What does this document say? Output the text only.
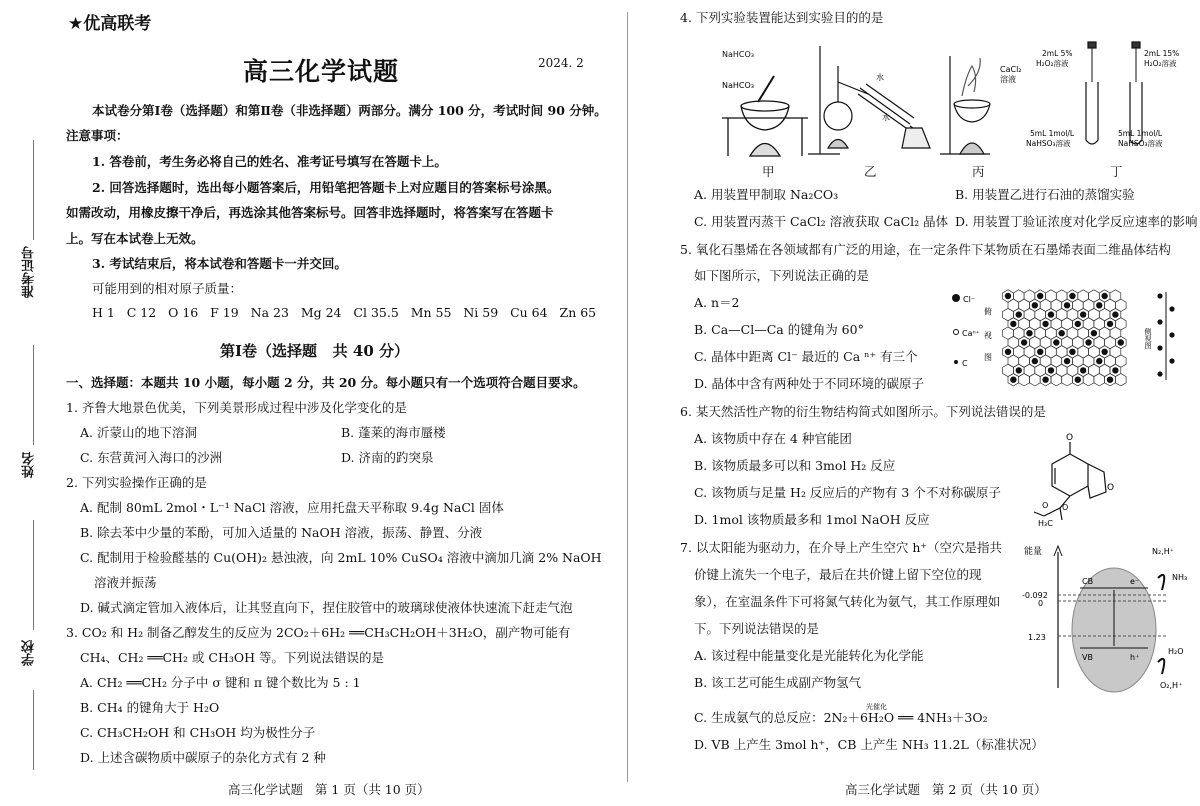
★优高联考
高三化学试题	2024. 2
准考证号
姓名
学校
本试卷分第Ⅰ卷（选择题）和第Ⅱ卷（非选择题）两部分。满分 100 分，考试时间 90 分钟。
注意事项：
1. 答卷前，考生务必将自己的姓名、准考证号填写在答题卡上。
2. 回答选择题时，选出每小题答案后，用铅笔把答题卡上对应题目的答案标号涂黑。
如需改动，用橡皮擦干净后，再选涂其他答案标号。回答非选择题时，将答案写在答题卡
上。写在本试卷上无效。
3. 考试结束后，将本试卷和答题卡一并交回。
可能用到的相对原子质量：
H 1   C 12   O 16   F 19   Na 23   Mg 24   Cl 35.5   Mn 55   Ni 59   Cu 64   Zn 65
第Ⅰ卷（选择题   共 40 分）
一、选择题：本题共 10 小题，每小题 2 分，共 20 分。每小题只有一个选项符合题目要求。
1. 齐鲁大地景色优美，下列美景形成过程中涉及化学变化的是
A. 沂蒙山的地下溶洞	B. 蓬莱的海市蜃楼
C. 东营黄河入海口的沙洲	D. 济南的趵突泉
2. 下列实验操作正确的是
A. 配制 80mL 2mol・L⁻¹ NaCl 溶液，应用托盘天平称取 9.4g NaCl 固体
B. 除去苯中少量的苯酚，可加入适量的 NaOH 溶液，振荡、静置、分液
C. 配制用于检验醛基的 Cu(OH)₂ 悬浊液，向 2mL 10% CuSO₄ 溶液中滴加几滴 2% NaOH
溶液并振荡
D. 碱式滴定管加入液体后，让其竖直向下，捏住胶管中的玻璃球使液体快速流下赶走气泡
3. CO₂ 和 H₂ 制备乙醇发生的反应为 2CO₂＋6H₂ ══CH₃CH₂OH＋3H₂O，副产物可能有
CH₄、CH₂ ══CH₂ 或 CH₃OH 等。下列说法错误的是
A. CH₂ ══CH₂ 分子中 σ 键和 π 键个数比为 5 : 1
B. CH₄ 的键角大于 H₂O
C. CH₃CH₂OH 和 CH₃OH 均为极性分子
D. 上述含碳物质中碳原子的杂化方式有 2 种
高三化学试题   第 1 页（共 10 页）
4. 下列实验装置能达到实验目的的是
NaHCO₃
水
水
CaCl₂
溶液
2mL 5%
H₂O₂溶液
2mL 15%
H₂O₂溶液
5mL 1mol/L
NaHSO₃溶液
5mL 1mol/L
NaHSO₃溶液
NaHCO₃
甲	乙	丙	丁
A. 用装置甲制取 Na₂CO₃	B. 用装置乙进行石油的蒸馏实验
C. 用装置丙蒸干 CaCl₂ 溶液获取 CaCl₂ 晶体 D. 用装置丁验证浓度对化学反应速率的影响
5. 氧化石墨烯在各领域都有广泛的用途，在一定条件下某物质在石墨烯表面二维晶体结构
如下图所示，下列说法正确的是
A. n＝2
B. Ca—Cl—Ca 的键角为 60°
C. 晶体中距离 Cl⁻ 最近的 Ca ⁿ⁺ 有三个
D. 晶体中含有两种处于不同环境的碳原子
Cl⁻
Caⁿ⁺
C
俯
视
图
侧视图
6. 某天然活性产物的衍生物结构简式如图所示。下列说法错误的是
A. 该物质中存在 4 种官能团
B. 该物质最多可以和 3mol H₂ 反应
C. 该物质与足量 H₂ 反应后的产物有 3 个不对称碳原子
D. 1mol 该物质最多和 1mol NaOH 反应
O
O
O
H₃C
O
7. 以太阳能为驱动力，在介导上产生空穴 h⁺（空穴是指共
价键上流失一个电子，最后在共价键上留下空位的现
象），在室温条件下可将氮气转化为氨气，其工作原理如
下。下列说法错误的是
A. 该过程中能量变化是光能转化为化学能
B. 该工艺可能生成副产物氢气
C. 生成氨气的总反应：2N₂＋6H₂O ══ 4NH₃＋3O₂
光催化
D. VB 上产生 3mol h⁺，CB 上产生 NH₃ 11.2L（标准状况）
能量
CB
VB
e⁻
h⁺
-0.092
0
1.23
N₂,H⁺
NH₃
H₂O
O₂,H⁺
高三化学试题   第 2 页（共 10 页）
